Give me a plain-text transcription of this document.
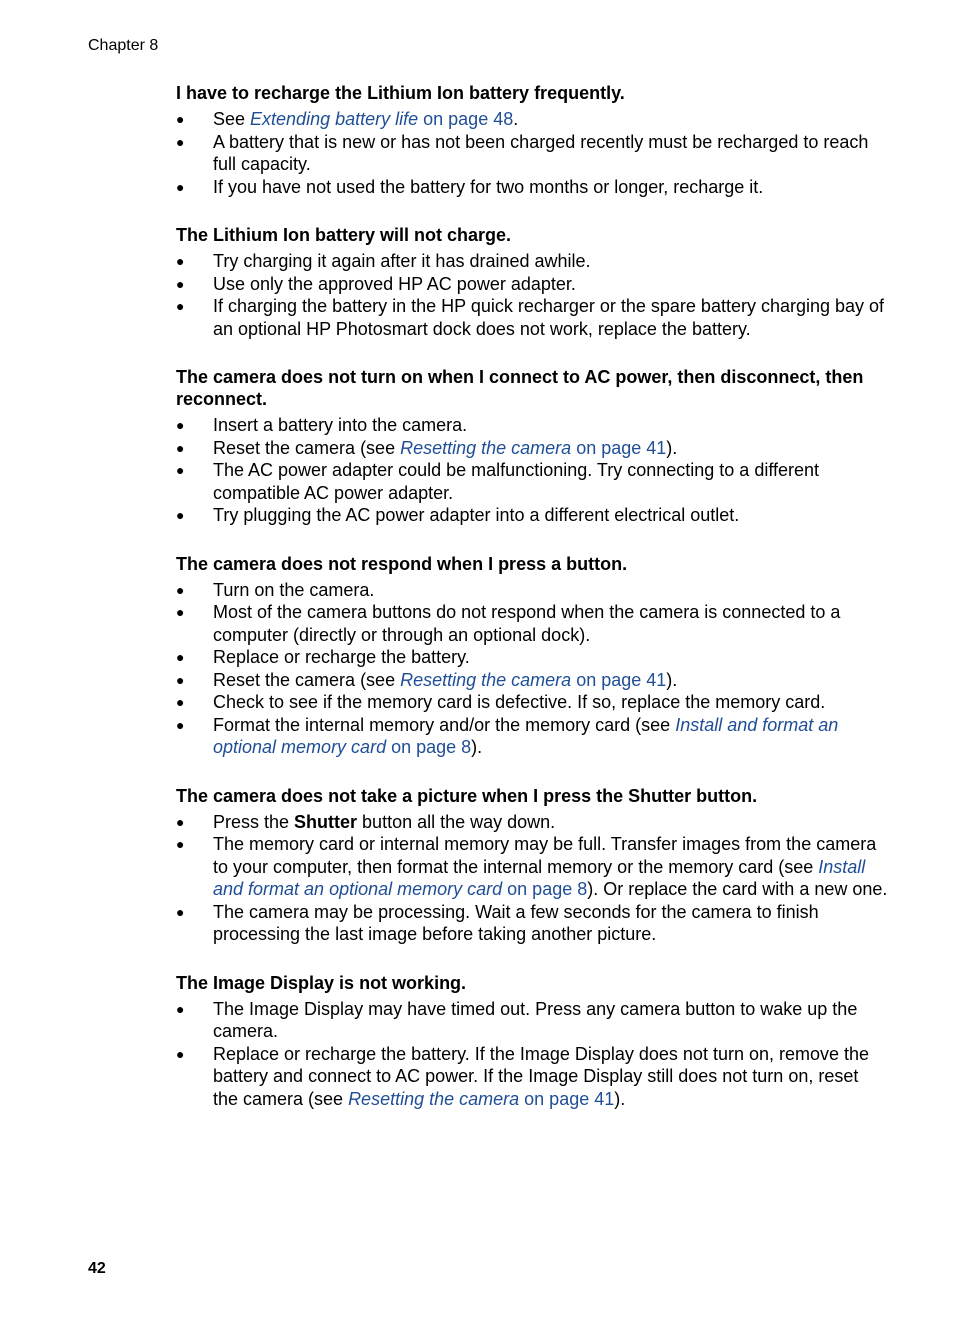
Chapter 8
I have to recharge the Lithium Ion battery frequently.
●	See Extending battery life on page 48.
●	A battery that is new or has not been charged recently must be recharged to reach full capacity.
●	If you have not used the battery for two months or longer, recharge it.
The Lithium Ion battery will not charge.
●	Try charging it again after it has drained awhile.
●	Use only the approved HP AC power adapter.
●	If charging the battery in the HP quick recharger or the spare battery charging bay of an optional HP Photosmart dock does not work, replace the battery.
The camera does not turn on when I connect to AC power, then disconnect, then reconnect.
●	Insert a battery into the camera.
●	Reset the camera (see Resetting the camera on page 41).
●	The AC power adapter could be malfunctioning. Try connecting to a different compatible AC power adapter.
●	Try plugging the AC power adapter into a different electrical outlet.
The camera does not respond when I press a button.
●	Turn on the camera.
●	Most of the camera buttons do not respond when the camera is connected to a computer (directly or through an optional dock).
●	Replace or recharge the battery.
●	Reset the camera (see Resetting the camera on page 41).
●	Check to see if the memory card is defective. If so, replace the memory card.
●	Format the internal memory and/or the memory card (see Install and format an optional memory card on page 8).
The camera does not take a picture when I press the Shutter button.
●	Press the Shutter button all the way down.
●	The memory card or internal memory may be full. Transfer images from the camera to your computer, then format the internal memory or the memory card (see Install and format an optional memory card on page 8). Or replace the card with a new one.
●	The camera may be processing. Wait a few seconds for the camera to finish processing the last image before taking another picture.
The Image Display is not working.
●	The Image Display may have timed out. Press any camera button to wake up the camera.
●	Replace or recharge the battery. If the Image Display does not turn on, remove the battery and connect to AC power. If the Image Display still does not turn on, reset the camera (see Resetting the camera on page 41).
42
